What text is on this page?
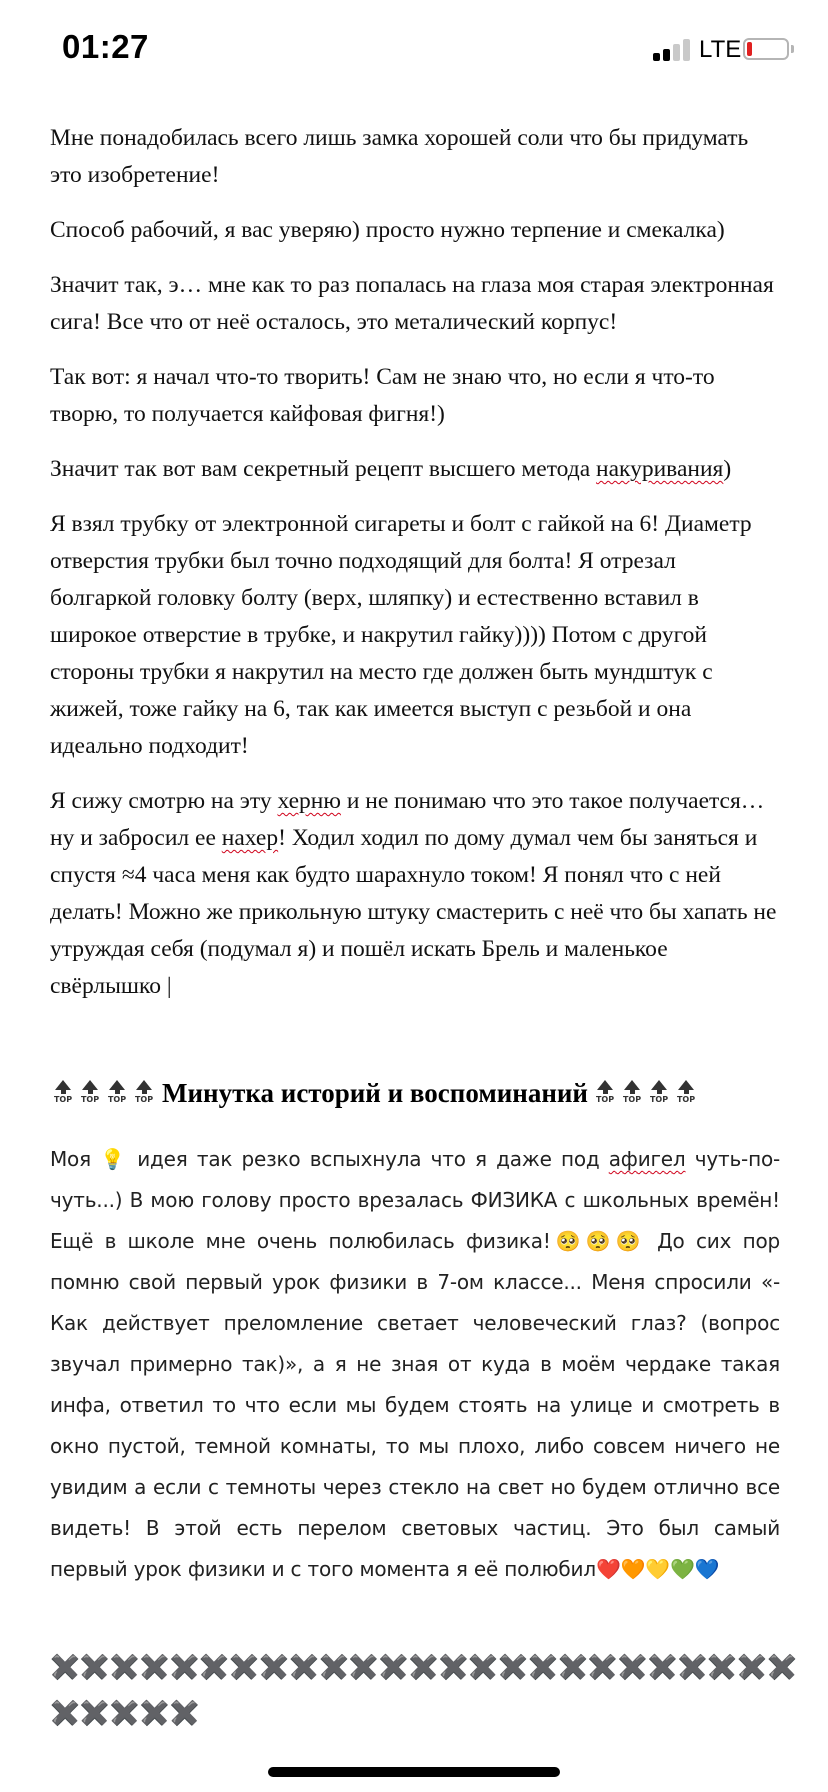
01:27	LTE

Мне понадобилась всего лишь замка хорошей соли что бы придумать это изобретение!

Способ рабочий, я вас уверяю) просто нужно терпение и смекалка)

Значит так, э… мне как то раз попалась на глаза моя старая электронная сига! Все что от неё осталось, это металический корпус!

Так вот: я начал что-то творить! Сам не знаю что, но если я что-то творю, то получается кайфовая фигня!)

Значит так вот вам секретный рецепт высшего метода накуривания)

Я взял трубку от электронной сигареты и болт с гайкой на 6! Диаметр отверстия трубки был точно подходящий для болта! Я отрезал болгаркой головку болту (верх, шляпку) и естественно вставил в широкое отверстие в трубке, и накрутил гайку)))) Потом с другой стороны трубки я накрутил на место где должен быть мундштук с жижей, тоже гайку на 6, так как имеется выступ с резьбой и она идеально подходит!

Я сижу смотрю на эту херню и не понимаю что это такое получается… ну и забросил ее нахер! Ходил ходил по дому думал чем бы заняться и спустя ≈4 часа меня как будто шарахнуло током! Я понял что с ней делать! Можно же прикольную штуку смастерить с неё что бы хапать не утруждая себя (подумал я) и пошёл искать Брель и маленькое свёрлышко |

TOP	TOP	TOP	TOP Минутка историй и воспоминаний TOP	TOP	TOP	TOP

Моя 💡 идея так резко вспыхнула что я даже под афигел чуть-по-чуть...) В мою голову просто врезалась ФИЗИКА с школьных времён! Ещё в школе мне очень полюбилась физика!🥺🥺🥺 До сих пор помню свой первый урок физики в 7-ом классе... Меня спросили «-Как действует преломление светает человеческий глаз? (вопрос звучал примерно так)», а я не зная от куда в моём чердаке такая инфа, ответил то что если мы будем стоять на улице и смотреть в окно пустой, темной комнаты, то мы плохо, либо совсем ничего не увидим а если с темноты через стекло на свет но будем отлично все видеть! В этой есть перелом световых частиц. Это был самый первый урок физики и с того момента я её полюбил❤️🧡💛💚💙

✖️✖️✖️✖️✖️✖️✖️✖️✖️✖️✖️✖️✖️✖️✖️✖️✖️✖️✖️✖️✖️✖️✖️✖️✖️✖️✖️✖️✖️✖️
